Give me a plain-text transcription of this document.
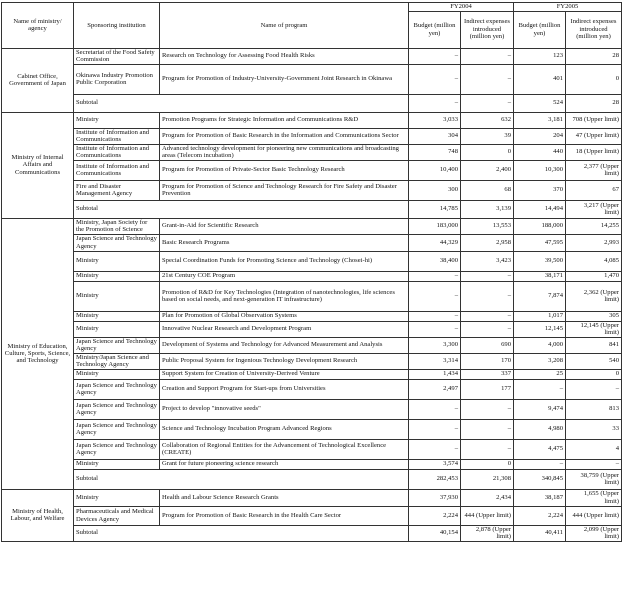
Name of ministry/ agency	Sponsoring institution	Name of program	FY2004		FY2005	
			Budget (million yen)	Indirect expenses introduced (million yen)	Budget (million yen)	Indirect expenses introduced (million yen)
Cabinet Office, Government of Japan	Secretariat of the Food Safety Commission	Research on Technology for Assessing Food Health Risks	–	–	123	28
	Okinawa Industry Promotion Public Corporation	Program for Promotion of Industry-University-Government Joint Research in Okinawa	–	–	401	0
	Subtotal		–	–	524	28
Ministry of Internal Affairs and Communications	Ministry	Promotion Programs for Strategic Information and Communications R&D	3,033	632	3,181	708 (Upper limit)
	Institute of Information and Communications	Program for Promotion of Basic Research in the Information and Communications Sector	304	39	204	47 (Upper limit)
	Institute of Information and Communications	Advanced technology development for pioneering new communications and broadcasting areas (Telecom incubation)	748	0	440	18 (Upper limit)
	Institute of Information and Communications	Program for Promotion of Private-Sector Basic Technology Research	10,400	2,400	10,300	2,377 (Upper limit)
	Fire and Disaster Management Agency	Program for Promotion of Science and Technology Research for Fire Safety and Disaster Prevention	300	68	370	67
	Subtotal		14,785	3,139	14,494	3,217 (Upper limit)
Ministry of Education, Culture, Sports, Science, and Technology	Ministry, Japan Society for the Promotion of Science	Grant-in-Aid for Scientific Research	183,000	13,553	188,000	14,255
	Japan Science and Technology Agency	Basic Research Programs	44,329	2,958	47,595	2,993
	Ministry	Special Coordination Funds for Promoting Science and Technology (Chosei-hi)	38,400	3,423	39,500	4,085
	Ministry	21st Century COE Program	–	–	38,171	1,470
	Ministry	Promotion of R&D for Key Technologies (Integration of nanotechnologies, life sciences based on social needs, and next-generation IT infrastructure)	–	–	7,874	2,362 (Upper limit)
	Ministry	Plan for Promotion of Global Observation Systems	–	–	1,017	305
	Ministry	Innovative Nuclear Research and Development Program	–	–	12,145	12,145 (Upper limit)
	Japan Science and Technology Agency	Development of Systems and Technology for Advanced Measurement and Analysis	3,300	690	4,000	841
	Ministry/Japan Science and Technology Agency	Public Proposal System for Ingenious Technology Development Research	3,314	170	3,208	540
	Ministry	Support System for Creation of University-Derived Venture	1,434	337	25	0
	Japan Science and Technology Agency	Creation and Support Program for Start-ups from Universities	2,497	177	–	–
	Japan Science and Technology Agency	Project to develop "innovative seeds"	–	–	9,474	813
	Japan Science and Technology Agency	Science and Technology Incubation Program Advanced Regions	–	–	4,980	33
	Japan Science and Technology Agency	Collaboration of Regional Entities for the Advancement of Technological Excellence (CREATE)	–	–	4,475	4
	Ministry	Grant for future pioneering science research	3,574	0	–	–
	Subtotal		282,453	21,308	340,845	38,759 (Upper limit)
Ministry of Health, Labour, and Welfare	Ministry	Health and Labour Science Research Grants	37,930	2,434	38,187	1,655 (Upper limit)
	Pharmaceuticals and Medical Devices Agency	Program for Promotion of Basic Research in the Health Care Sector	2,224	444 (Upper limit)	2,224	444 (Upper limit)
	Subtotal		40,154	2,878 (Upper limit)	40,411	2,099 (Upper limit)
